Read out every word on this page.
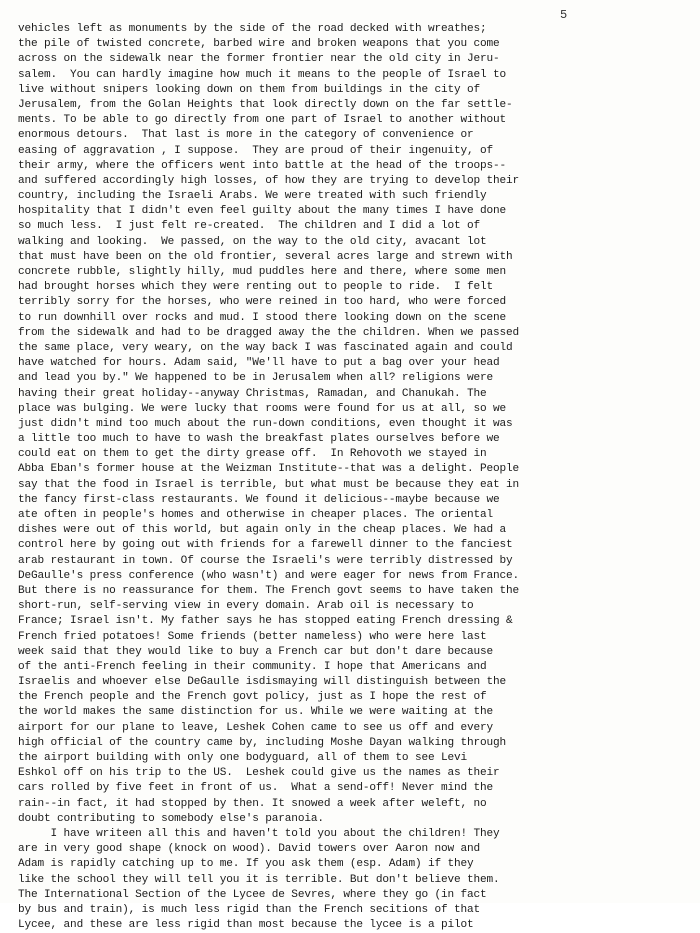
5
vehicles left as monuments by the side of the road decked with wreathes;
the pile of twisted concrete, barbed wire and broken weapons that you come
across on the sidewalk near the former frontier near the old city in Jeru-
salem.  You can hardly imagine how much it means to the people of Israel to
live without snipers looking down on them from buildings in the city of
Jerusalem, from the Golan Heights that look directly down on the far settle-
ments. To be able to go directly from one part of Israel to another without
enormous detours.  That last is more in the category of convenience or
easing of aggravation , I suppose.  They are proud of their ingenuity, of
their army, where the officers went into battle at the head of the troops--
and suffered accordingly high losses, of how they are trying to develop their
country, including the Israeli Arabs. We were treated with such friendly
hospitality that I didn't even feel guilty about the many times I have done
so much less.  I just felt re-created.  The children and I did a lot of
walking and looking.  We passed, on the way to the old city, avacant lot
that must have been on the old frontier, several acres large and strewn with
concrete rubble, slightly hilly, mud puddles here and there, where some men
had brought horses which they were renting out to people to ride.  I felt
terribly sorry for the horses, who were reined in too hard, who were forced
to run downhill over rocks and mud. I stood there looking down on the scene
from the sidewalk and had to be dragged away the the children. When we passed
the same place, very weary, on the way back I was fascinated again and could
have watched for hours. Adam said, "We'll have to put a bag over your head
and lead you by." We happened to be in Jerusalem when all? religions were
having their great holiday--anyway Christmas, Ramadan, and Chanukah. The
place was bulging. We were lucky that rooms were found for us at all, so we
just didn't mind too much about the run-down conditions, even thought it was
a little too much to have to wash the breakfast plates ourselves before we
could eat on them to get the dirty grease off.  In Rehovoth we stayed in
Abba Eban's former house at the Weizman Institute--that was a delight. People
say that the food in Israel is terrible, but what must be because they eat in
the fancy first-class restaurants. We found it delicious--maybe because we
ate often in people's homes and otherwise in cheaper places. The oriental
dishes were out of this world, but again only in the cheap places. We had a
control here by going out with friends for a farewell dinner to the fanciest
arab restaurant in town. Of course the Israeli's were terribly distressed by
DeGaulle's press conference (who wasn't) and were eager for news from France.
But there is no reassurance for them. The French govt seems to have taken the
short-run, self-serving view in every domain. Arab oil is necessary to
France; Israel isn't. My father says he has stopped eating French dressing &
French fried potatoes! Some friends (better nameless) who were here last
week said that they would like to buy a French car but don't dare because
of the anti-French feeling in their community. I hope that Americans and
Israelis and whoever else DeGaulle isdismaying will distinguish between the
the French people and the French govt policy, just as I hope the rest of
the world makes the same distinction for us. While we were waiting at the
airport for our plane to leave, Leshek Cohen came to see us off and every
high official of the country came by, including Moshe Dayan walking through
the airport building with only one bodyguard, all of them to see Levi
Eshkol off on his trip to the US.  Leshek could give us the names as their
cars rolled by five feet in front of us.  What a send-off! Never mind the
rain--in fact, it had stopped by then. It snowed a week after weleft, no
doubt contributing to somebody else's paranoia.
I have writeen all this and haven't told you about the children! They
are in very good shape (knock on wood). David towers over Aaron now and
Adam is rapidly catching up to me. If you ask them (esp. Adam) if they
like the school they will tell you it is terrible. But don't believe them.
The International Section of the Lycee de Sevres, where they go (in fact
by bus and train), is much less rigid than the French secitions of that
Lycee, and these are less rigid than most because the lycee is a pilot
